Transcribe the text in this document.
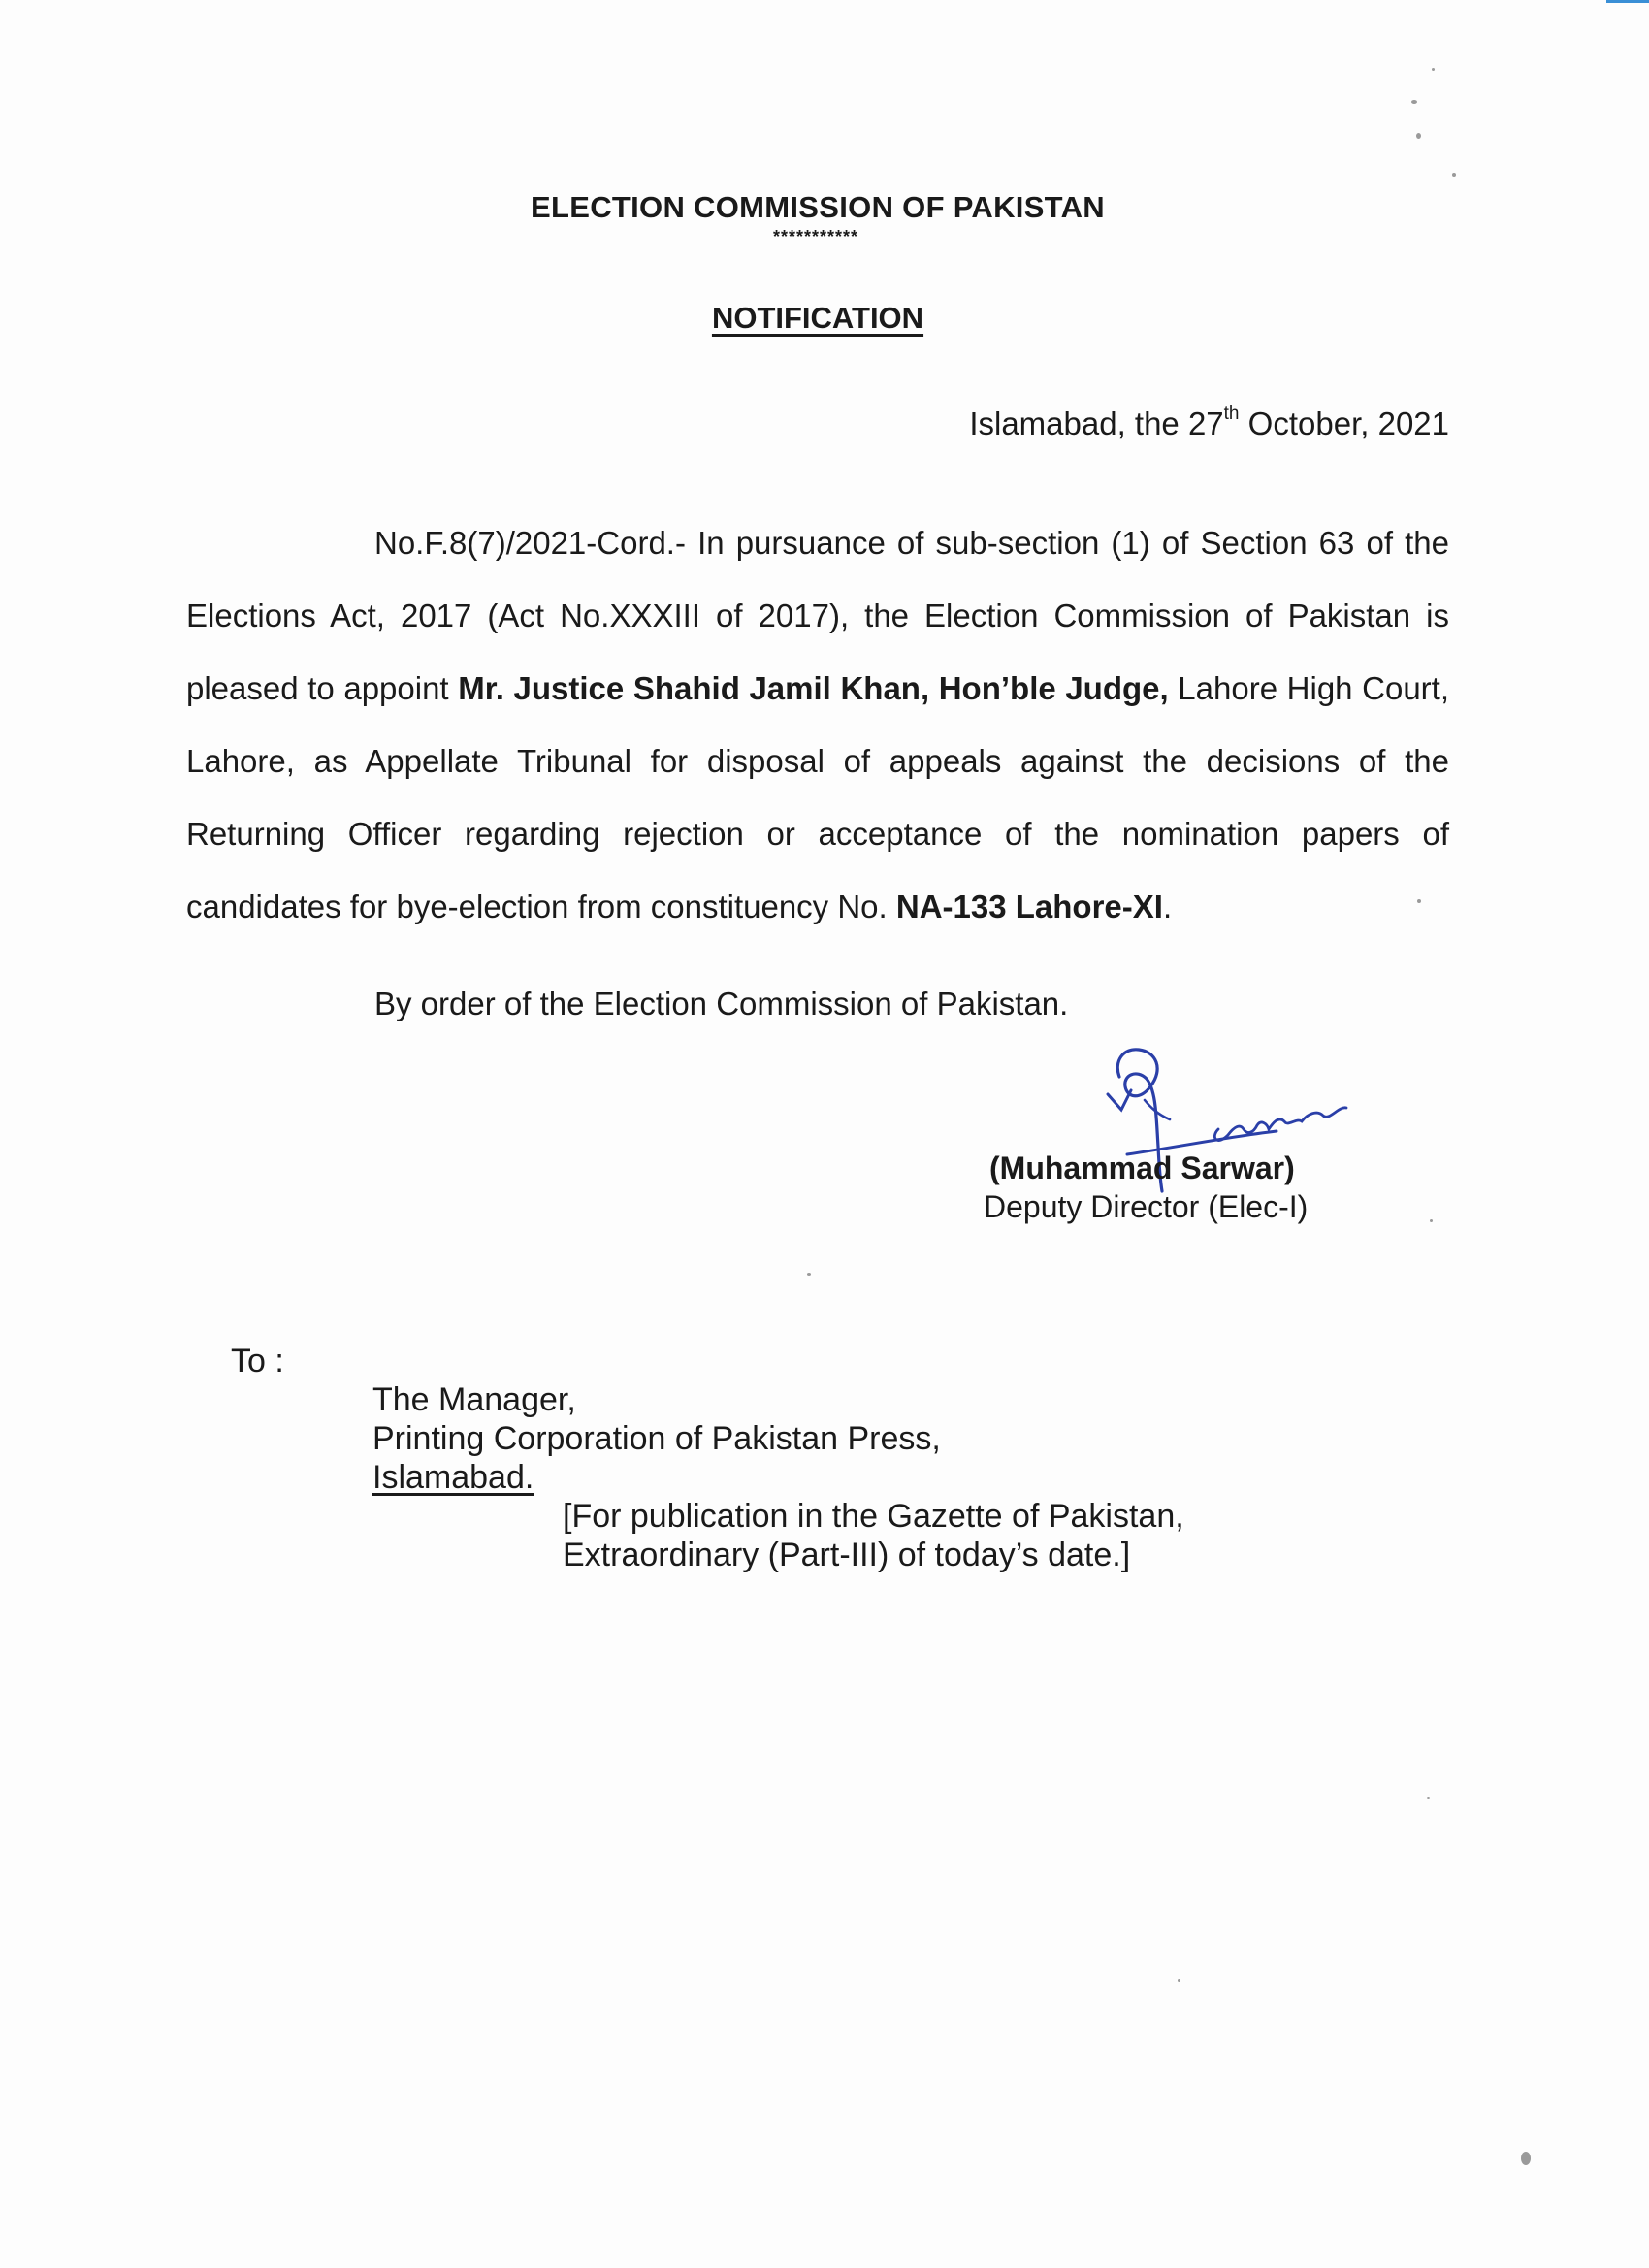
ELECTION COMMISSION OF PAKISTAN
***********
NOTIFICATION
Islamabad, the 27th October, 2021
No.F.8(7)/2021-Cord.- In pursuance of sub-section (1) of Section 63 of the Elections Act, 2017 (Act No.XXXIII of 2017), the Election Commission of Pakistan is pleased to appoint Mr. Justice Shahid Jamil Khan, Hon’ble Judge, Lahore High Court, Lahore, as Appellate Tribunal for disposal of appeals against the decisions of the Returning Officer regarding rejection or acceptance of the nomination papers of candidates for bye-election from constituency No. NA-133 Lahore-XI.
By order of the Election Commission of Pakistan.
(Muhammad Sarwar)
Deputy Director (Elec-I)
To :
The Manager,
Printing Corporation of Pakistan Press,
Islamabad.
[For publication in the Gazette of Pakistan,
Extraordinary (Part-III) of today’s date.]
